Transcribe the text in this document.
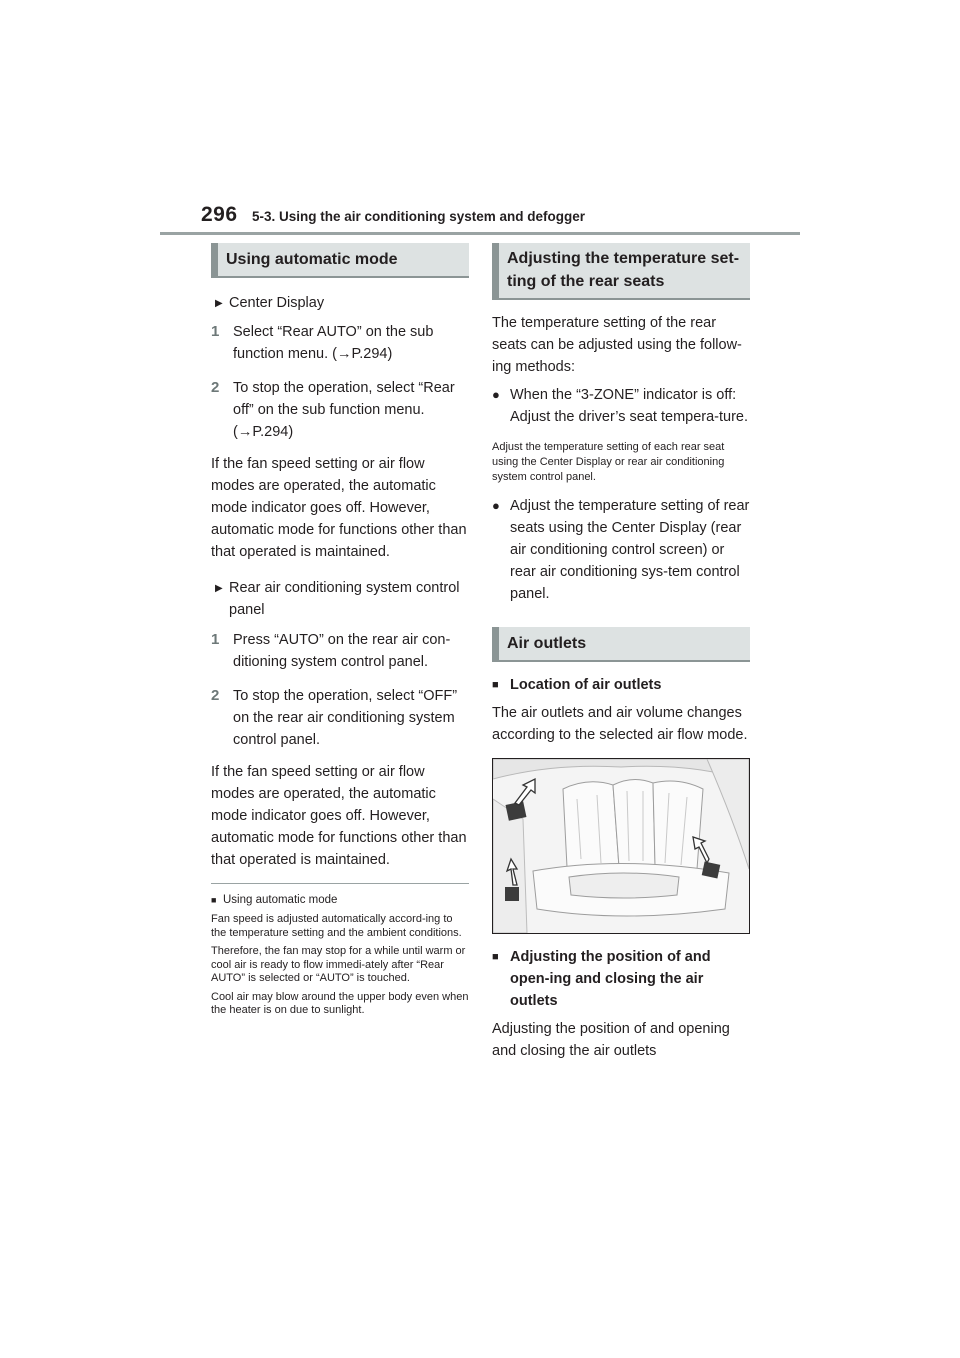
296 5-3. Using the air conditioning system and defogger
Using automatic mode
▶ Center Display
1 Select “Rear AUTO” on the sub function menu. (→P.294)
2 To stop the operation, select “Rear off” on the sub function menu. (→P.294)

If the fan speed setting or air flow modes are operated, the automatic mode indicator goes off. However, automatic mode for functions other than that operated is maintained.

▶ Rear air conditioning system control panel
1 Press “AUTO” on the rear air con-ditioning system control panel.
2 To stop the operation, select “OFF” on the rear air conditioning system control panel.

If the fan speed setting or air flow modes are operated, the automatic mode indicator goes off. However, automatic mode for functions other than that operated is maintained.

■ Using automatic mode
Fan speed is adjusted automatically accord-ing to the temperature setting and the ambient conditions.
Therefore, the fan may stop for a while until warm or cool air is ready to flow immedi-ately after “Rear AUTO” is selected or “AUTO” is touched.
Cool air may blow around the upper body even when the heater is on due to sunlight.
Adjusting the temperature set-ting of the rear seats

The temperature setting of the rear seats can be adjusted using the follow-ing methods:

● When the “3-ZONE” indicator is off: Adjust the driver’s seat tempera-ture.

Adjust the temperature setting of each rear seat using the Center Display or rear air conditioning system control panel.

● Adjust the temperature setting of rear seats using the Center Display (rear air conditioning control screen) or rear air conditioning sys-tem control panel.
Air outlets
■ Location of air outlets

The air outlets and air volume changes according to the selected air flow mode.

■ Adjusting the position of and open-ing and closing the air outlets

Adjusting the position of and opening and closing the air outlets
